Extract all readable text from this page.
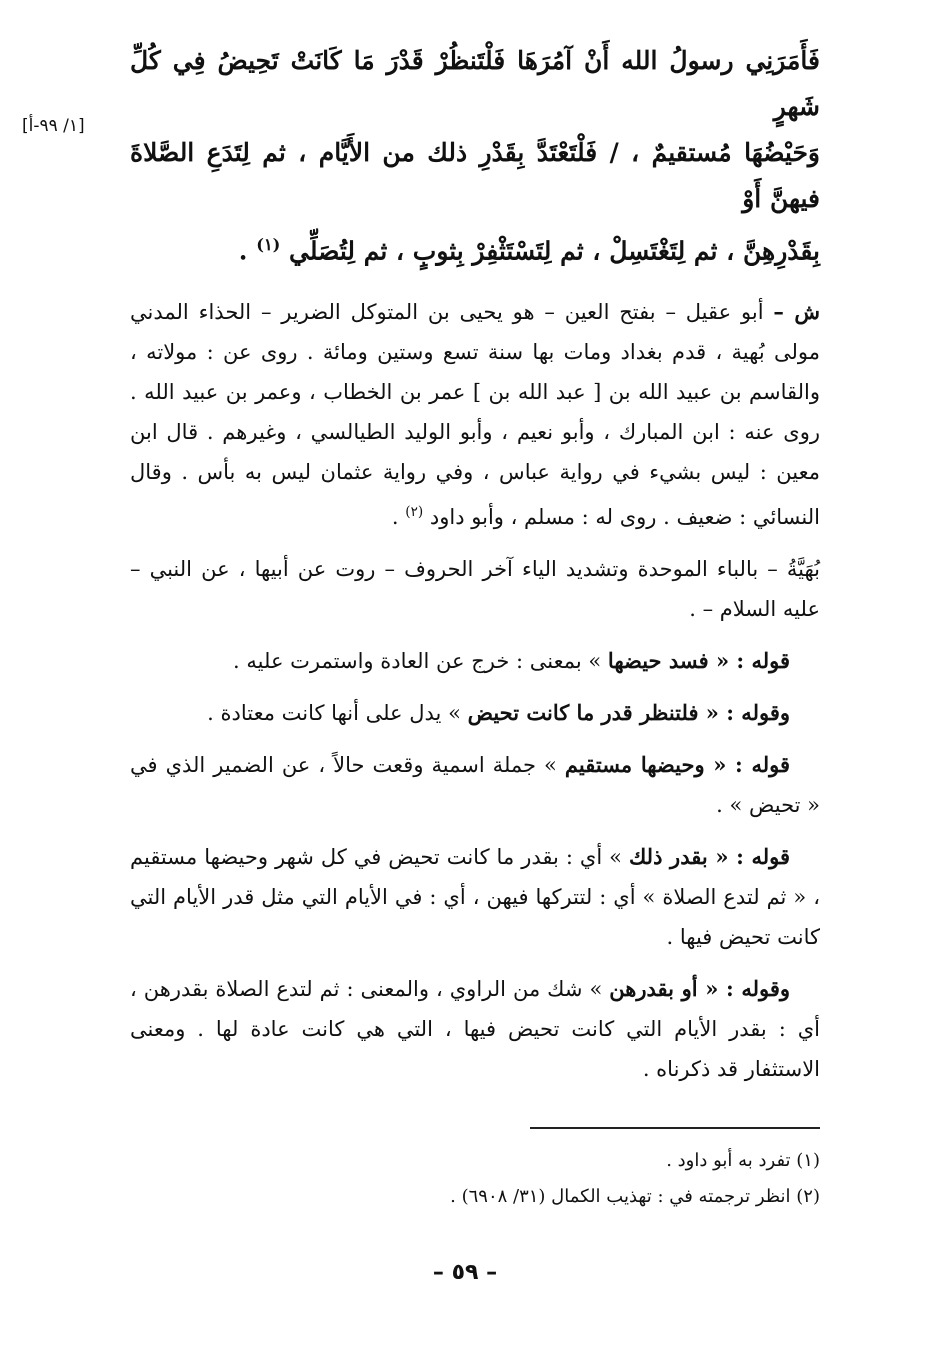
[١/ ٩٩-أ]

فَأَمَرَنِي رسولُ الله أَنْ آمُرَهَا فَلْتَنظُرْ قَدْرَ مَا كَانَتْ تَحِيضُ فِي كُلِّ شَهرٍ

وَحَيْضُهَا مُستقيمٌ ، / فَلْتَعْتَدَّ بِقَدْرِ ذلك من الأَيَّام ، ثم لِتَدَعِ الصَّلاةَ فيهنَّ أَوْ

بِقَدْرِهِنَّ ، ثم لِتَغْتَسِلْ ، ثم لِتَسْتَثْفِرْ بِثوبٍ ، ثم لِتُصَلِّي $^{(١)}$ .

ش – أبو عقيل – بفتح العين – هو يحيى بن المتوكل الضرير – الحذاء المدني مولى بُهية ، قدم بغداد ومات بها سنة تسع وستين ومائة . روى عن : مولاته ، والقاسم بن عبيد الله بن [ عبد الله بن ] عمر بن الخطاب ، وعمر بن عبيد الله . روى عنه : ابن المبارك ، وأبو نعيم ، وأبو الوليد الطيالسي ، وغيرهم . قال ابن معين : ليس بشيء في رواية عباس ، وفي رواية عثمان ليس به بأس . وقال النسائي : ضعيف . روى له : مسلم ، وأبو داود $^{(٢)}$ .

بُهَيَّةُ – بالباء الموحدة وتشديد الياء آخر الحروف – روت عن أبيها ، عن النبي – عليه السلام – .

قوله : « فسد حيضها » بمعنى : خرج عن العادة واستمرت عليه .

وقوله : « فلتنظر قدر ما كانت تحيض » يدل على أنها كانت معتادة .

قوله : « وحيضها مستقيم » جملة اسمية وقعت حالاً ، عن الضمير الذي في « تحيض » .

قوله : « بقدر ذلك » أي : بقدر ما كانت تحيض في كل شهر وحيضها مستقيم ، « ثم لتدع الصلاة » أي : لتتركها فيهن ، أي : في الأيام التي مثل قدر الأيام التي كانت تحيض فيها .

وقوله : « أو بقدرهن » شك من الراوي ، والمعنى : ثم لتدع الصلاة بقدرهن ، أي : بقدر الأيام التي كانت تحيض فيها ، التي هي كانت عادة لها . ومعنى الاستثفار قد ذكرناه .

(١) تفرد به أبو داود .

(٢) انظر ترجمته في : تهذيب الكمال (٣١/ ٦٩٠٨) .

– ٥٩ –
